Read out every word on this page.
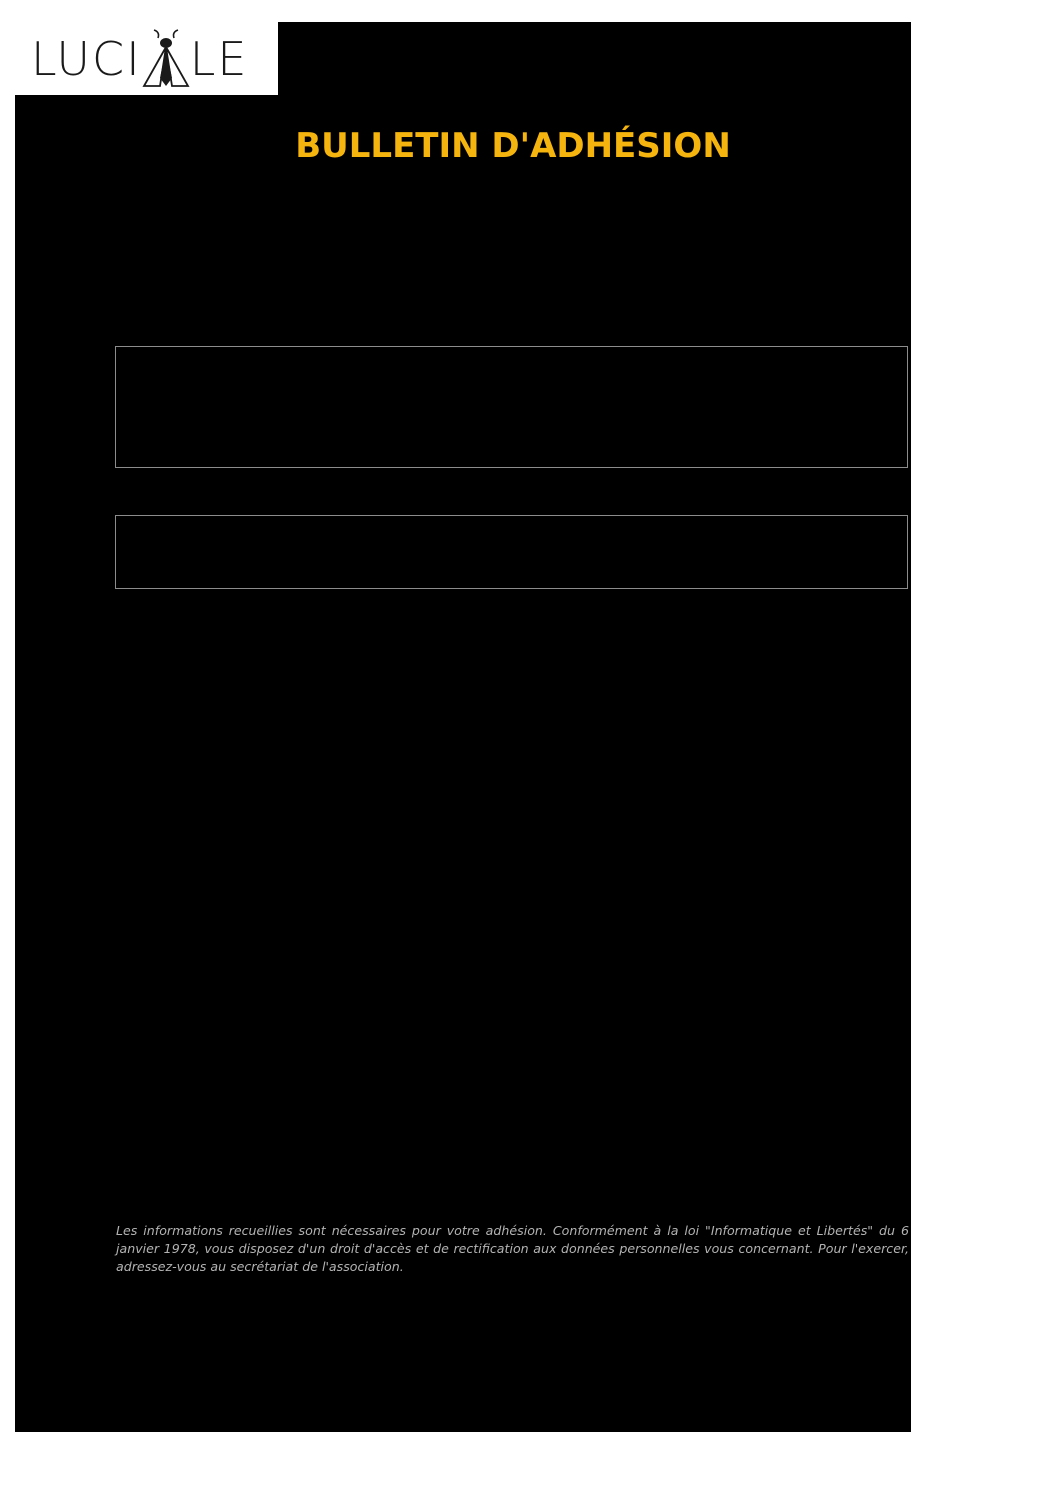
LUCI LE
BULLETIN D'ADHÉSION
Les informations recueillies sont nécessaires pour votre adhésion. Conformément à la loi "Informatique et Libertés" du 6 janvier 1978, vous disposez d'un droit d'accès et de rectification aux données personnelles vous concernant. Pour l'exercer, adressez-vous au secrétariat de l'association.
